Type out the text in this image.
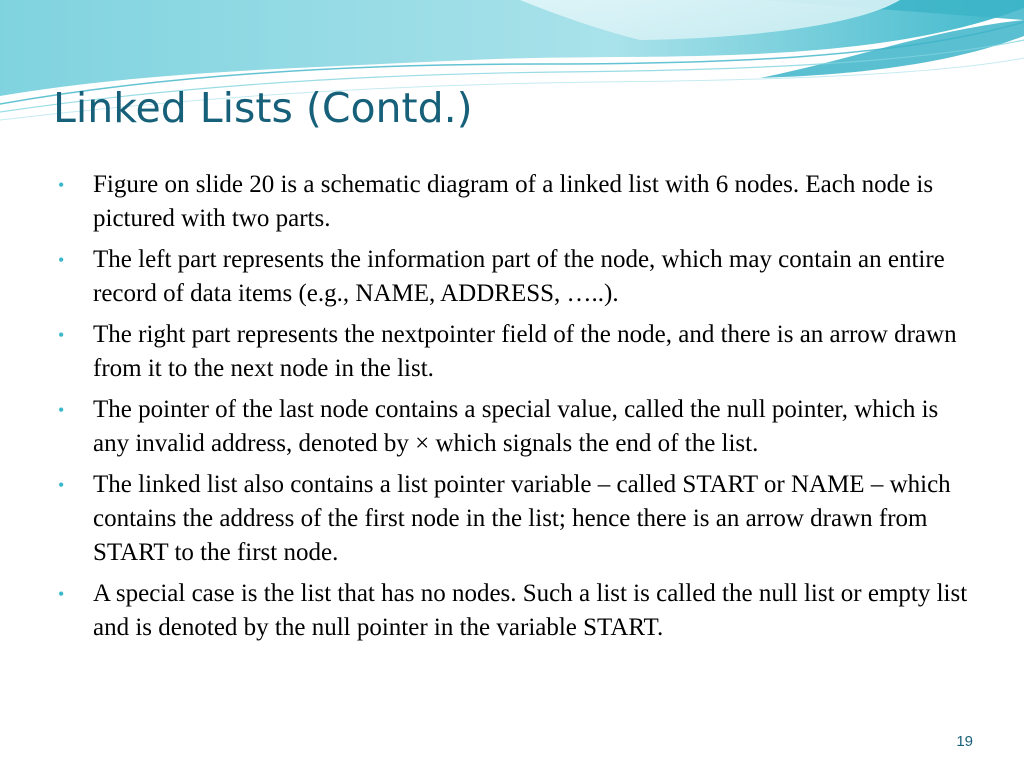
Linked Lists (Contd.)
•	Figure on slide 20 is a schematic diagram of a linked list with 6 nodes. Each node is pictured with two parts.
•	The left part represents the information part of the node, which may contain an entire record of data items (e.g., NAME, ADDRESS, …..).
•	The right part represents the nextpointer field of the node, and there is an arrow drawn from it to the next node in the list.
•	The pointer of the last node contains a special value, called the null pointer, which is any invalid address, denoted by × which signals the end of the list.
•	The linked list also contains a list pointer variable – called START or NAME – which contains the address of the first node in the list; hence there is an arrow drawn from START to the first node.
•	A special case is the list that has no nodes. Such a list is called the null list or empty list and is denoted by the null pointer in the variable START.
19
